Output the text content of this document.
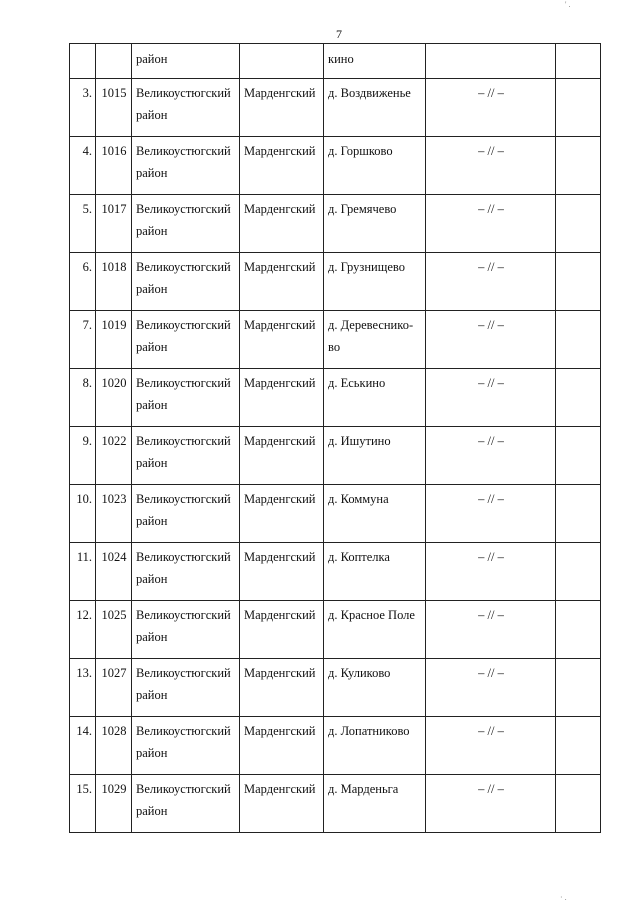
7
		район		кино		
3.	1015	Великоустюгский район	Марденгский	д. Воздвиженье	– // –	
4.	1016	Великоустюгский район	Марденгский	д. Горшково	– // –	
5.	1017	Великоустюгский район	Марденгский	д. Гремячево	– // –	
6.	1018	Великоустюгский район	Марденгский	д. Грузнищево	– // –	
7.	1019	Великоустюгский район	Марденгский	д. Деревеснико-во	– // –	
8.	1020	Великоустюгский район	Марденгский	д. Еськино	– // –	
9.	1022	Великоустюгский район	Марденгский	д. Ишутино	– // –	
10.	1023	Великоустюгский район	Марденгский	д. Коммуна	– // –	
11.	1024	Великоустюгский район	Марденгский	д. Коптелка	– // –	
12.	1025	Великоустюгский район	Марденгский	д. Красное Поле	– // –	
13.	1027	Великоустюгский район	Марденгский	д. Куликово	– // –	
14.	1028	Великоустюгский район	Марденгский	д. Лопатниково	– // –	
15.	1029	Великоустюгский район	Марденгский	д. Марденьга	– // –	
' .
· .
